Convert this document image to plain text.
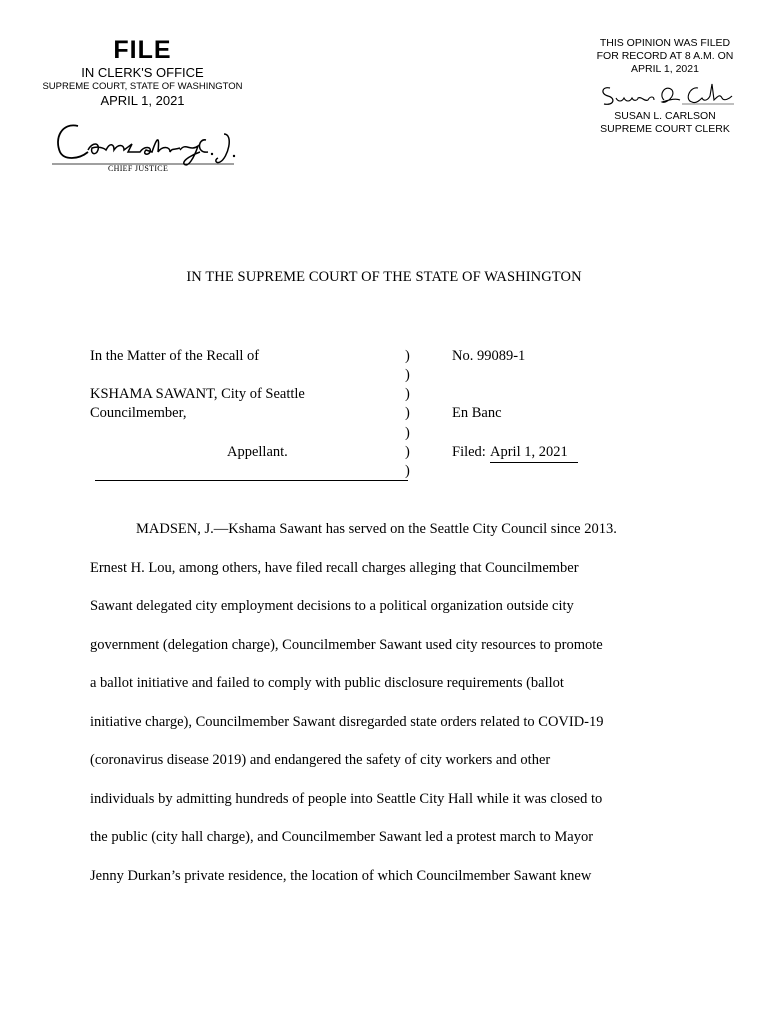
FILE
IN CLERK'S OFFICE
SUPREME COURT, STATE OF WASHINGTON
APRIL 1, 2021
CHIEF JUSTICE
THIS OPINION WAS FILED
FOR RECORD AT 8 A.M. ON
APRIL 1, 2021
SUSAN L. CARLSON
SUPREME COURT CLERK
IN THE SUPREME COURT OF THE STATE OF WASHINGTON
In the Matter of the Recall of
KSHAMA SAWANT, City of Seattle
Councilmember,
Appellant.
)
)
)
)
)
)
)
No. 99089-1
En Banc
Filed: April 1, 2021
MADSEN, J.—Kshama Sawant has served on the Seattle City Council since 2013.
Ernest H. Lou, among others, have filed recall charges alleging that Councilmember
Sawant delegated city employment decisions to a political organization outside city
government (delegation charge), Councilmember Sawant used city resources to promote
a ballot initiative and failed to comply with public disclosure requirements (ballot
initiative charge), Councilmember Sawant disregarded state orders related to COVID-19
(coronavirus disease 2019) and endangered the safety of city workers and other
individuals by admitting hundreds of people into Seattle City Hall while it was closed to
the public (city hall charge), and Councilmember Sawant led a protest march to Mayor
Jenny Durkan’s private residence, the location of which Councilmember Sawant knew
